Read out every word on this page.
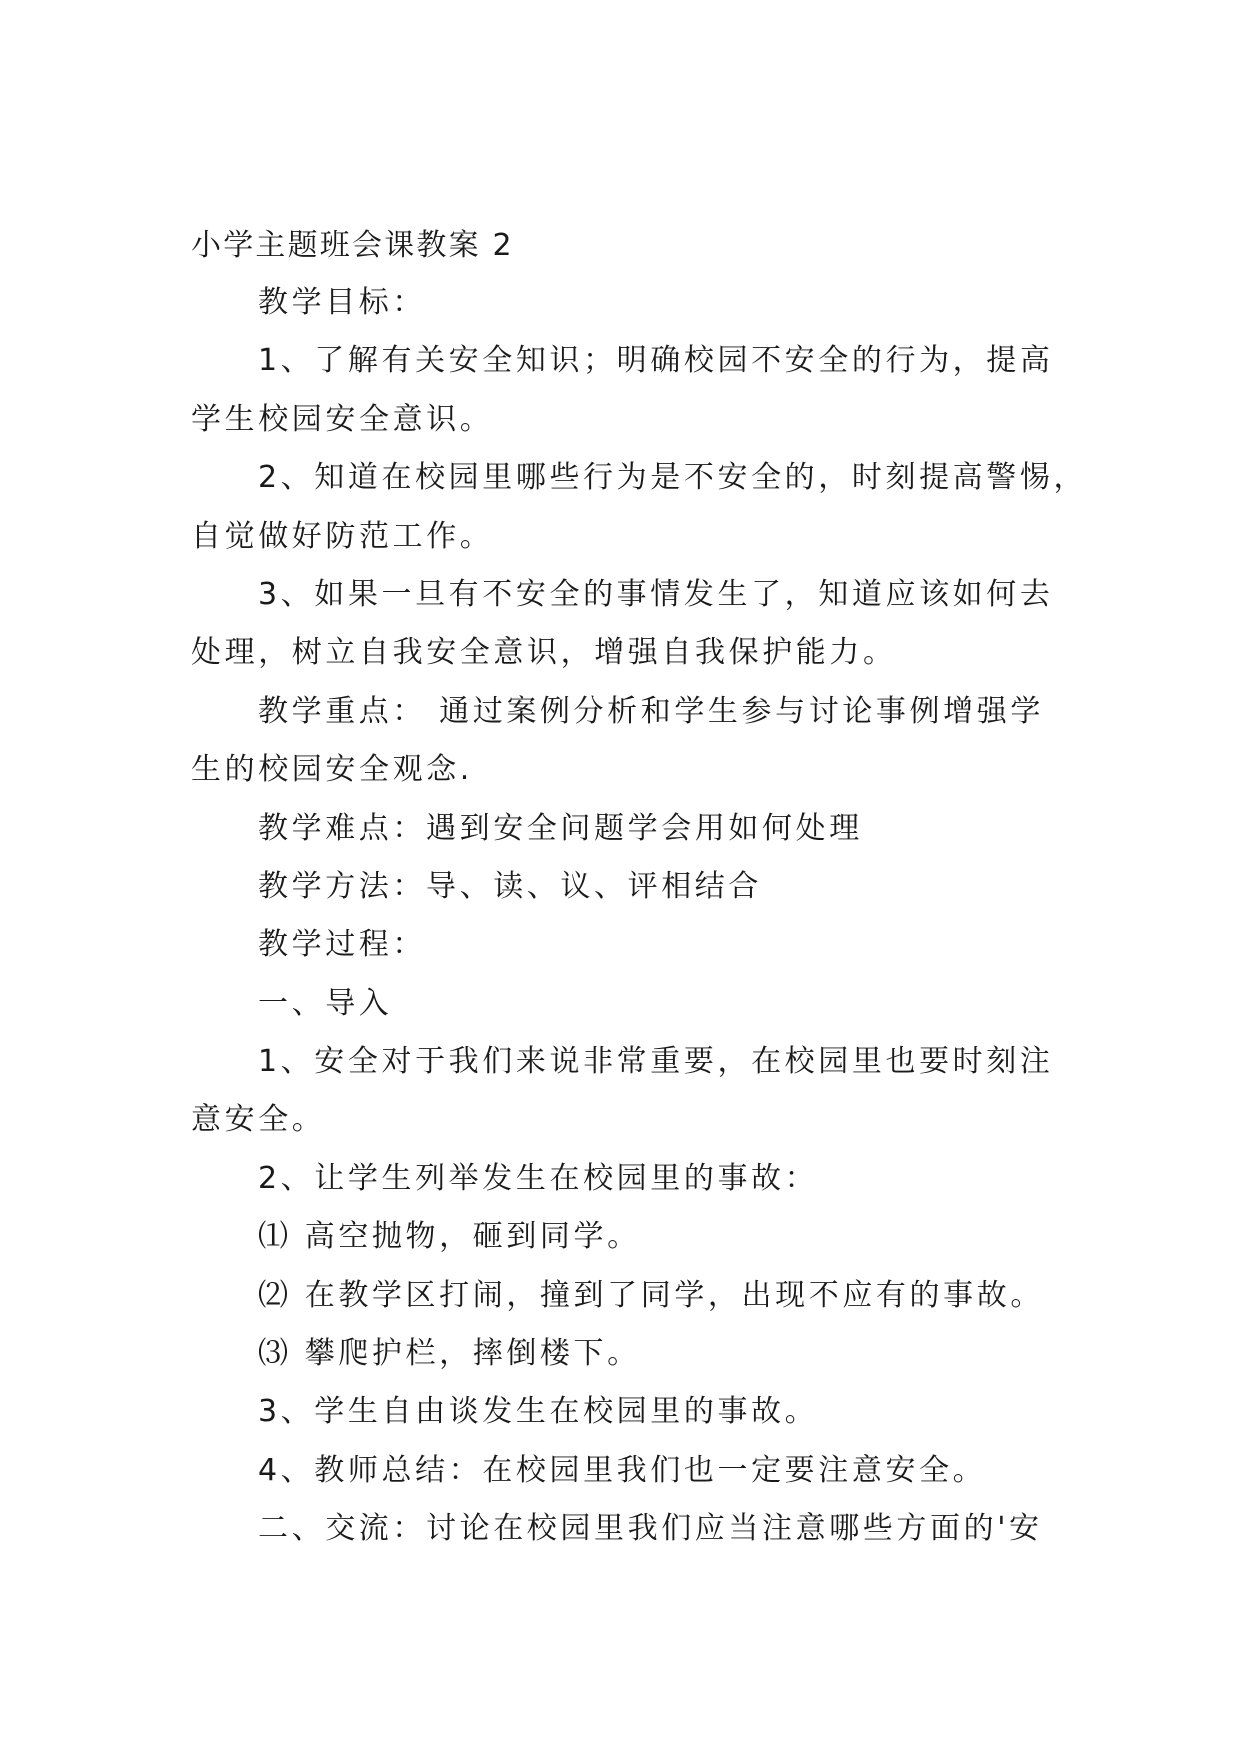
小学主题班会课教案 2
教学目标：
1、了解有关安全知识；明确校园不安全的行为，提高
学生校园安全意识。
2、知道在校园里哪些行为是不安全的，时刻提高警惕，
自觉做好防范工作。
3、如果一旦有不安全的事情发生了，知道应该如何去
处理，树立自我安全意识，增强自我保护能力。
教学重点： 通过案例分析和学生参与讨论事例增强学
生的校园安全观念.
教学难点：遇到安全问题学会用如何处理
教学方法：导、读、议、评相结合
教学过程：
一、导入
1、安全对于我们来说非常重要，在校园里也要时刻注
意安全。
2、让学生列举发生在校园里的事故：
⑴ 高空抛物，砸到同学。
⑵ 在教学区打闹，撞到了同学，出现不应有的事故。
⑶ 攀爬护栏，摔倒楼下。
3、学生自由谈发生在校园里的事故。
4、教师总结：在校园里我们也一定要注意安全。
二、交流：讨论在校园里我们应当注意哪些方面的'安
